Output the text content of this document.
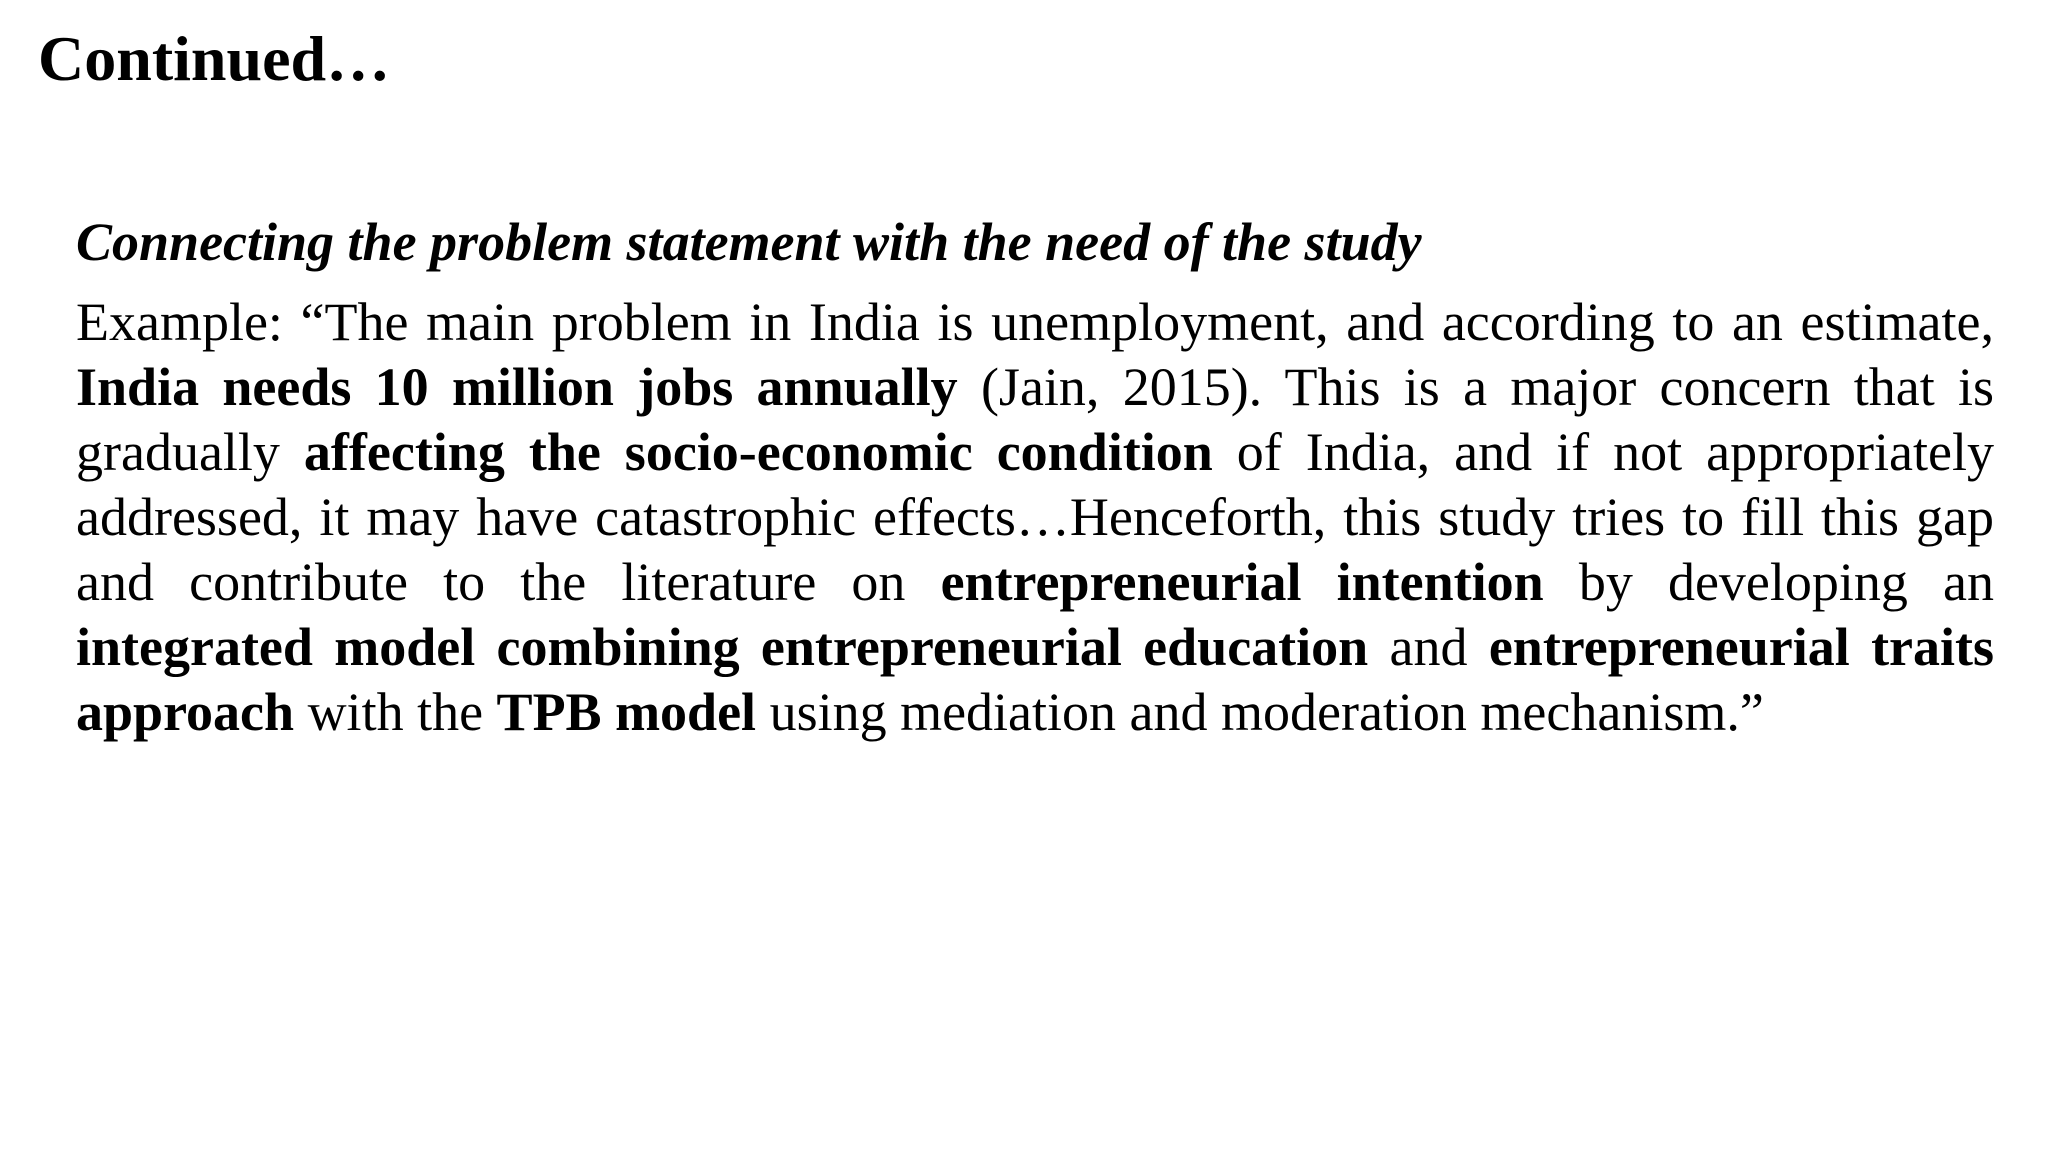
Continued…
Connecting the problem statement with the need of the study

Example: “The main problem in India is unemployment, and according to an estimate, India needs 10 million jobs annually (Jain, 2015). This is a major concern that is gradually affecting the socio-economic condition of India, and if not appropriately addressed, it may have catastrophic effects…Henceforth, this study tries to fill this gap and contribute to the literature on entrepreneurial intention by developing an integrated model combining entrepreneurial education and entrepreneurial traits approach with the TPB model using mediation and moderation mechanism.”
